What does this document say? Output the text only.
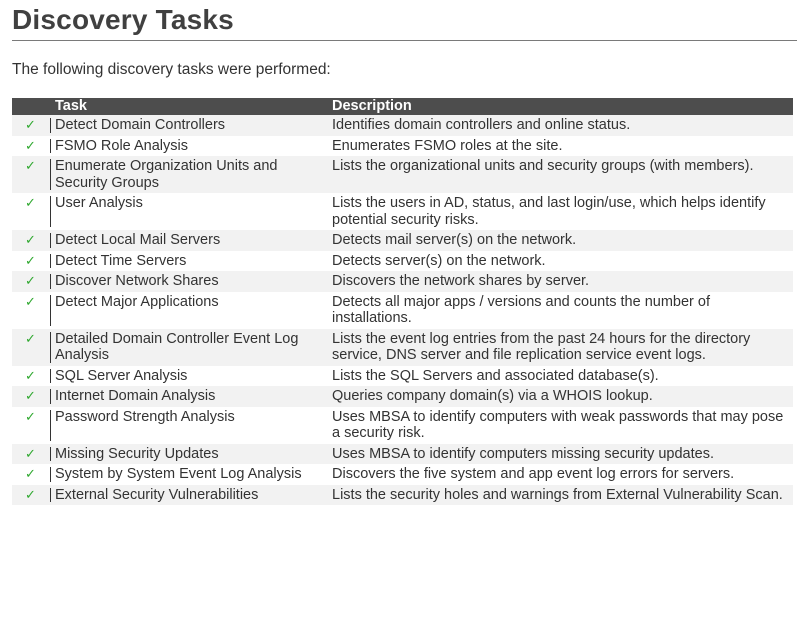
Discovery Tasks
The following discovery tasks were performed:
	Task	Description
✓	Detect Domain Controllers	Identifies domain controllers and online status.
✓	FSMO Role Analysis	Enumerates FSMO roles at the site.
✓	Enumerate Organization Units and Security Groups	Lists the organizational units and security groups (with members).
✓	User Analysis	Lists the users in AD, status, and last login/use, which helps identify potential security risks.
✓	Detect Local Mail Servers	Detects mail server(s) on the network.
✓	Detect Time Servers	Detects server(s) on the network.
✓	Discover Network Shares	Discovers the network shares by server.
✓	Detect Major Applications	Detects all major apps / versions and counts the number of installations.
✓	Detailed Domain Controller Event Log Analysis	Lists the event log entries from the past 24 hours for the directory service, DNS server and file replication service event logs.
✓	SQL Server Analysis	Lists the SQL Servers and associated database(s).
✓	Internet Domain Analysis	Queries company domain(s) via a WHOIS lookup.
✓	Password Strength Analysis	Uses MBSA to identify computers with weak passwords that may pose a security risk.
✓	Missing Security Updates	Uses MBSA to identify computers missing security updates.
✓	System by System Event Log Analysis	Discovers the five system and app event log errors for servers.
✓	External Security Vulnerabilities	Lists the security holes and warnings from External Vulnerability Scan.
